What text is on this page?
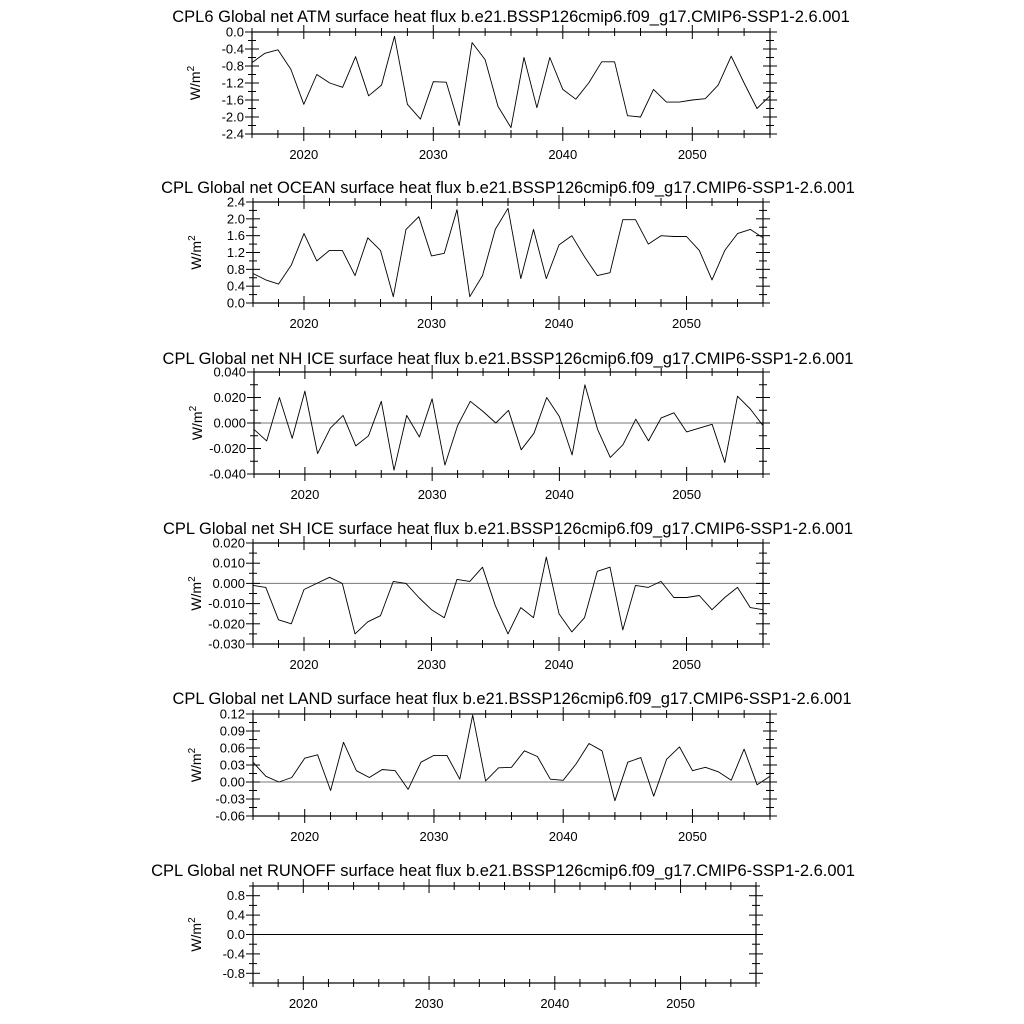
CPL6 Global net ATM surface heat flux b.e21.BSSP126cmip6.f09_g17.CMIP6-SSP1-2.6.001
0.0
-0.4
-0.8
-1.2
-1.6
-2.0
-2.4
2020	2030	2040	2050
$W/m^2$
CPL Global net OCEAN surface heat flux b.e21.BSSP126cmip6.f09_g17.CMIP6-SSP1-2.6.001
2.4
2.0
1.6
1.2
0.8
0.4
0.0
2020	2030	2040	2050
$W/m^2$
CPL Global net NH ICE surface heat flux b.e21.BSSP126cmip6.f09_g17.CMIP6-SSP1-2.6.001
0.040
0.020
0.000
-0.020
-0.040
2020	2030	2040	2050
$W/m^2$
CPL Global net SH ICE surface heat flux b.e21.BSSP126cmip6.f09_g17.CMIP6-SSP1-2.6.001
0.020
0.010
0.000
-0.010
-0.020
-0.030
2020	2030	2040	2050
$W/m^2$
CPL Global net LAND surface heat flux b.e21.BSSP126cmip6.f09_g17.CMIP6-SSP1-2.6.001
0.12
0.09
0.06
0.03
0.00
-0.03
-0.06
2020	2030	2040	2050
$W/m^2$
CPL Global net RUNOFF surface heat flux b.e21.BSSP126cmip6.f09_g17.CMIP6-SSP1-2.6.001
0.8
0.4
0.0
-0.4
-0.8
2020	2030	2040	2050
$W/m^2$
